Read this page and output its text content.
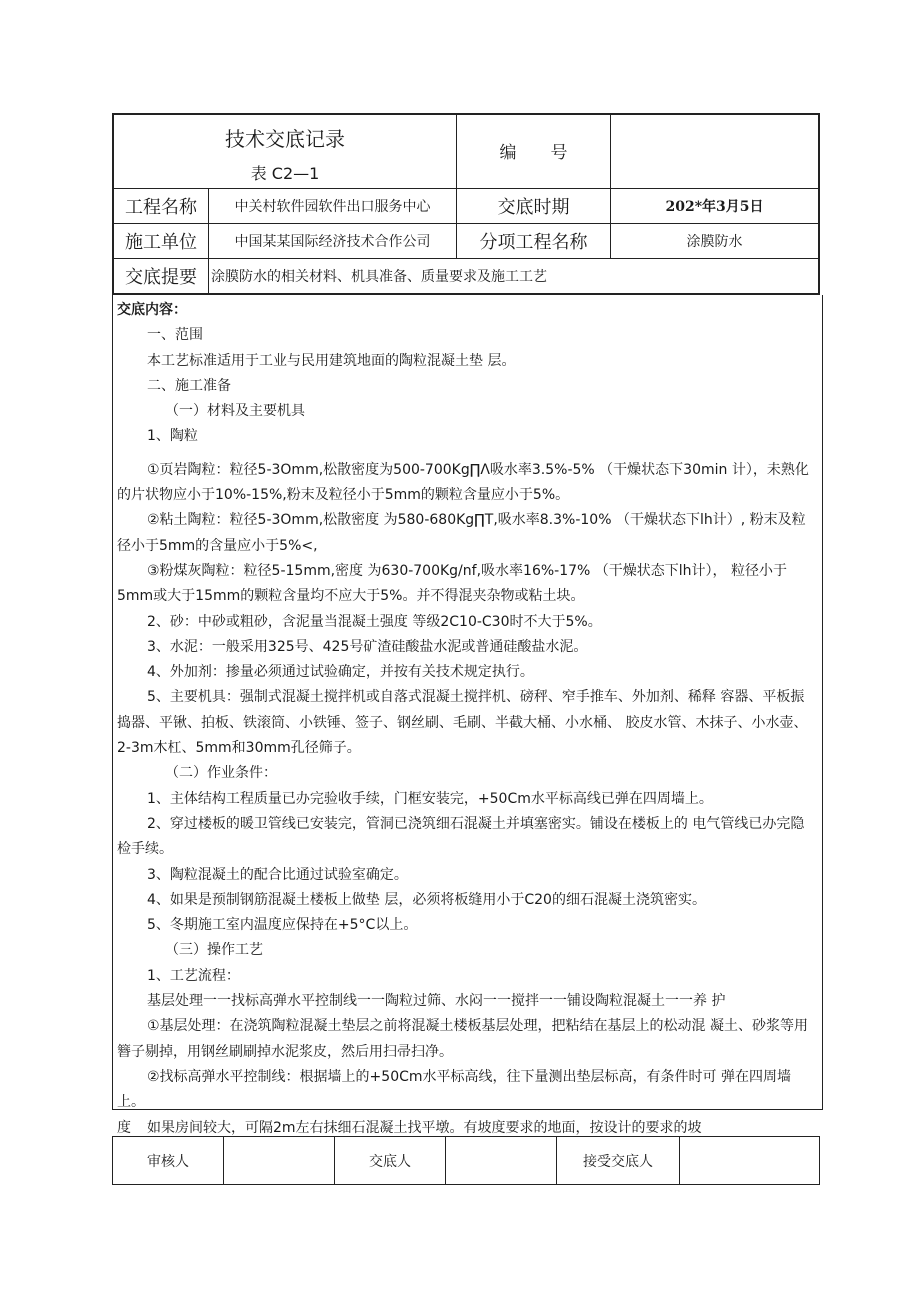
技术交底记录
表 C2—1
编　　号
工程名称	中关村软件园软件出口服务中心	交底时期	202*年3月5日
施工单位	中国某某国际经济技术合作公司	分项工程名称	涂膜防水
交底提要	涂膜防水的相关材料、机具准备、质量要求及施工工艺

交底内容：

一、范围

本工艺标准适用于工业与民用建筑地面的陶粒混凝土垫 层。

二、施工准备

（一）材料及主要机具

1、陶粒

①页岩陶粒：粒径5-3Omm,松散密度为500-700Kg∏Λ吸水率3.5%-5% （干燥状态下30min 计），未熟化的片状物应小于10%-15%,粉末及粒径小于5mm的颗粒含量应小于5%。

②粘土陶粒：粒径5-3Omm,松散密度 为580-680Kg∏T,吸水率8.3%-10% （干燥状态下lh计）, 粉末及粒径小于5mm的含量应小于5%<,

③粉煤灰陶粒：粒径5-15mm,密度 为630-700Kg/nf,吸水率16%-17% （干燥状态下lh计）， 粒径小于5mm或大于15mm的颗粒含量均不应大于5%。并不得混夹杂物或粘土块。

2、砂：中砂或粗砂，含泥量当混凝土强度 等级2C10-C30时不大于5%。

3、水泥：一般采用325号、425号矿渣硅酸盐水泥或普通硅酸盐水泥。

4、外加剂：掺量必须通过试验确定，并按有关技术规定执行。

5、主要机具：强制式混凝土搅拌机或自落式混凝土搅拌机、磅秤、窄手推车、外加剂、稀释 容器、平板振捣器、平锹、拍板、铁滚筒、小铁锤、签子、钢丝刷、毛刷、半截大桶、小水桶、 胶皮水管、木抹子、小水壶、2-3m木杠、5mm和30mm孔径筛子。

（二）作业条件：

1、主体结构工程质量已办完验收手续，门框安装完，+50Cm水平标高线已弹在四周墙上。

2、穿过楼板的暖卫管线已安装完，管洞已浇筑细石混凝土并填塞密实。铺设在楼板上的 电气管线已办完隐检手续。

3、陶粒混凝土的配合比通过试验室确定。

4、如果是预制钢筋混凝土楼板上做垫 层，必须将板缝用小于C20的细石混凝土浇筑密实。

5、冬期施工室内温度应保持在+5°C以上。

（三）操作工艺

1、工艺流程：

基层处理一一找标高弹水平控制线一一陶粒过筛、水闷一一搅拌一一铺设陶粒混凝土一一养 护

①基层处理：在浇筑陶粒混凝土垫层之前将混凝土楼板基层处理，把粘结在基层上的松动混 凝土、砂浆等用簪子剔掉，用钢丝刷刷掉水泥浆皮，然后用扫帚扫净。

②找标高弹水平控制线：根据墙上的+50Cm水平标高线，往下量测出垫层标高，有条件时可 弹在四周墙上。

如果房间较大，可隔2m左右抹细石混凝土找平墩。有坡度要求的地面，按设计的要求的坡

度
审核人	交底人	接受交底人
